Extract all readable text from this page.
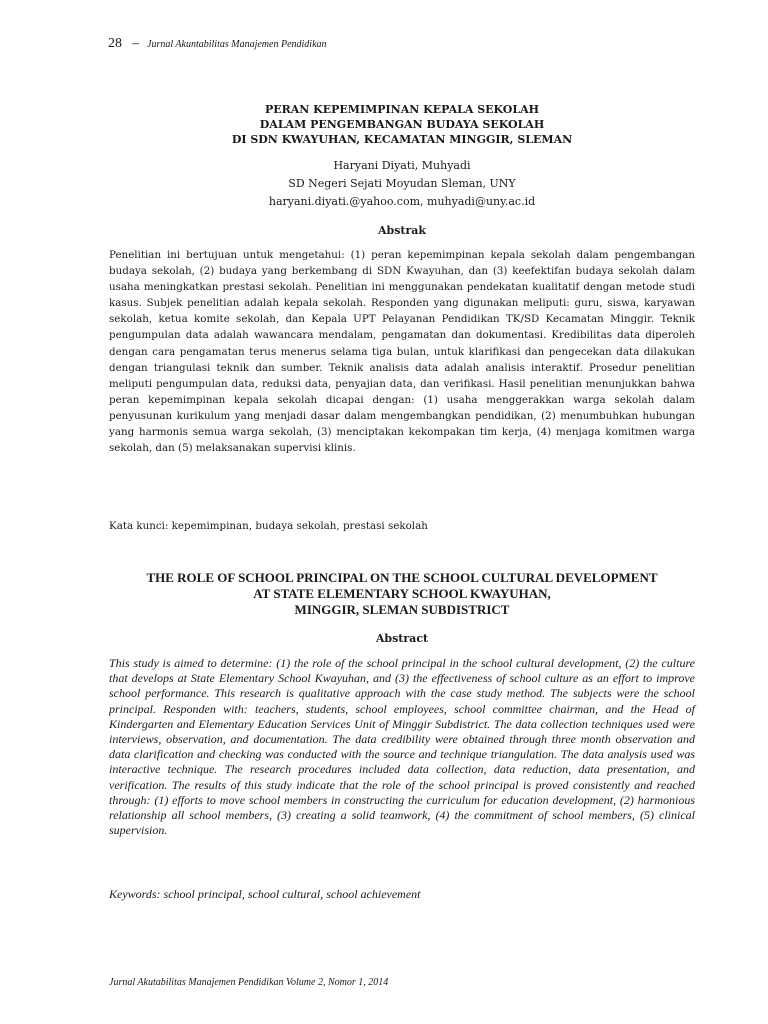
28 – Jurnal Akuntabilitas Manajemen Pendidikan
PERAN KEPEMIMPINAN KEPALA SEKOLAH
DALAM PENGEMBANGAN BUDAYA SEKOLAH
DI SDN KWAYUHAN, KECAMATAN MINGGIR, SLEMAN
Haryani Diyati, Muhyadi
SD Negeri Sejati Moyudan Sleman, UNY
haryani.diyati.@yahoo.com, muhyadi@uny.ac.id
Abstrak
Penelitian ini bertujuan untuk mengetahui: (1) peran kepemimpinan kepala sekolah dalam pengembangan budaya sekolah, (2) budaya yang berkembang di SDN Kwayuhan, dan (3) keefektifan budaya sekolah dalam usaha meningkatkan prestasi sekolah. Penelitian ini menggunakan pendekatan kualitatif dengan metode studi kasus. Subjek penelitian adalah kepala sekolah. Responden yang digunakan meliputi: guru, siswa, karyawan sekolah, ketua komite sekolah, dan Kepala UPT Pelayanan Pendidikan TK/SD Kecamatan Minggir. Teknik pengumpulan data adalah wawancara mendalam, pengamatan dan dokumentasi. Kredibilitas data diperoleh dengan cara pengamatan terus menerus selama tiga bulan, untuk klarifikasi dan pengecekan data dilakukan dengan triangulasi teknik dan sumber. Teknik analisis data adalah analisis interaktif. Prosedur penelitian meliputi pengumpulan data, reduksi data, penyajian data, dan verifikasi. Hasil penelitian menunjukkan bahwa peran kepemimpinan kepala sekolah dicapai dengan: (1) usaha menggerakkan warga sekolah dalam penyusunan kurikulum yang menjadi dasar dalam mengembangkan pendidikan, (2) menumbuhkan hubungan yang harmonis semua warga sekolah, (3) menciptakan kekompakan tim kerja, (4) menjaga komitmen warga sekolah, dan (5) melaksanakan supervisi klinis.
Kata kunci: kepemimpinan, budaya sekolah, prestasi sekolah
THE ROLE OF SCHOOL PRINCIPAL ON THE SCHOOL CULTURAL DEVELOPMENT
AT STATE ELEMENTARY SCHOOL KWAYUHAN,
MINGGIR, SLEMAN SUBDISTRICT
Abstract
This study is aimed to determine: (1) the role of the school principal in the school cultural development, (2) the culture that develops at State Elementary School Kwayuhan, and (3) the effectiveness of school culture as an effort to improve school performance. This research is qualitative approach with the case study method. The subjects were the school principal. Responden with: teachers, students, school employees, school committee chairman, and the Head of Kindergarten and Elementary Education Services Unit of Minggir Subdistrict. The data collection techniques used were interviews, observation, and documentation. The data credibility were obtained through three month observation and data clarification and checking was conducted with the source and technique triangulation. The data analysis used was interactive technique. The research procedures included data collection, data reduction, data presentation, and verification. The results of this study indicate that the role of the school principal is proved consistently and reached through: (1) efforts to move school members in constructing the curriculum for education development, (2) harmonious relationship all school members, (3) creating a solid teamwork, (4) the commitment of school members, (5) clinical supervision.
Keywords: school principal, school cultural, school achievement
Jurnal Akutabilitas Manajemen Pendidikan Volume 2, Nomor 1, 2014
